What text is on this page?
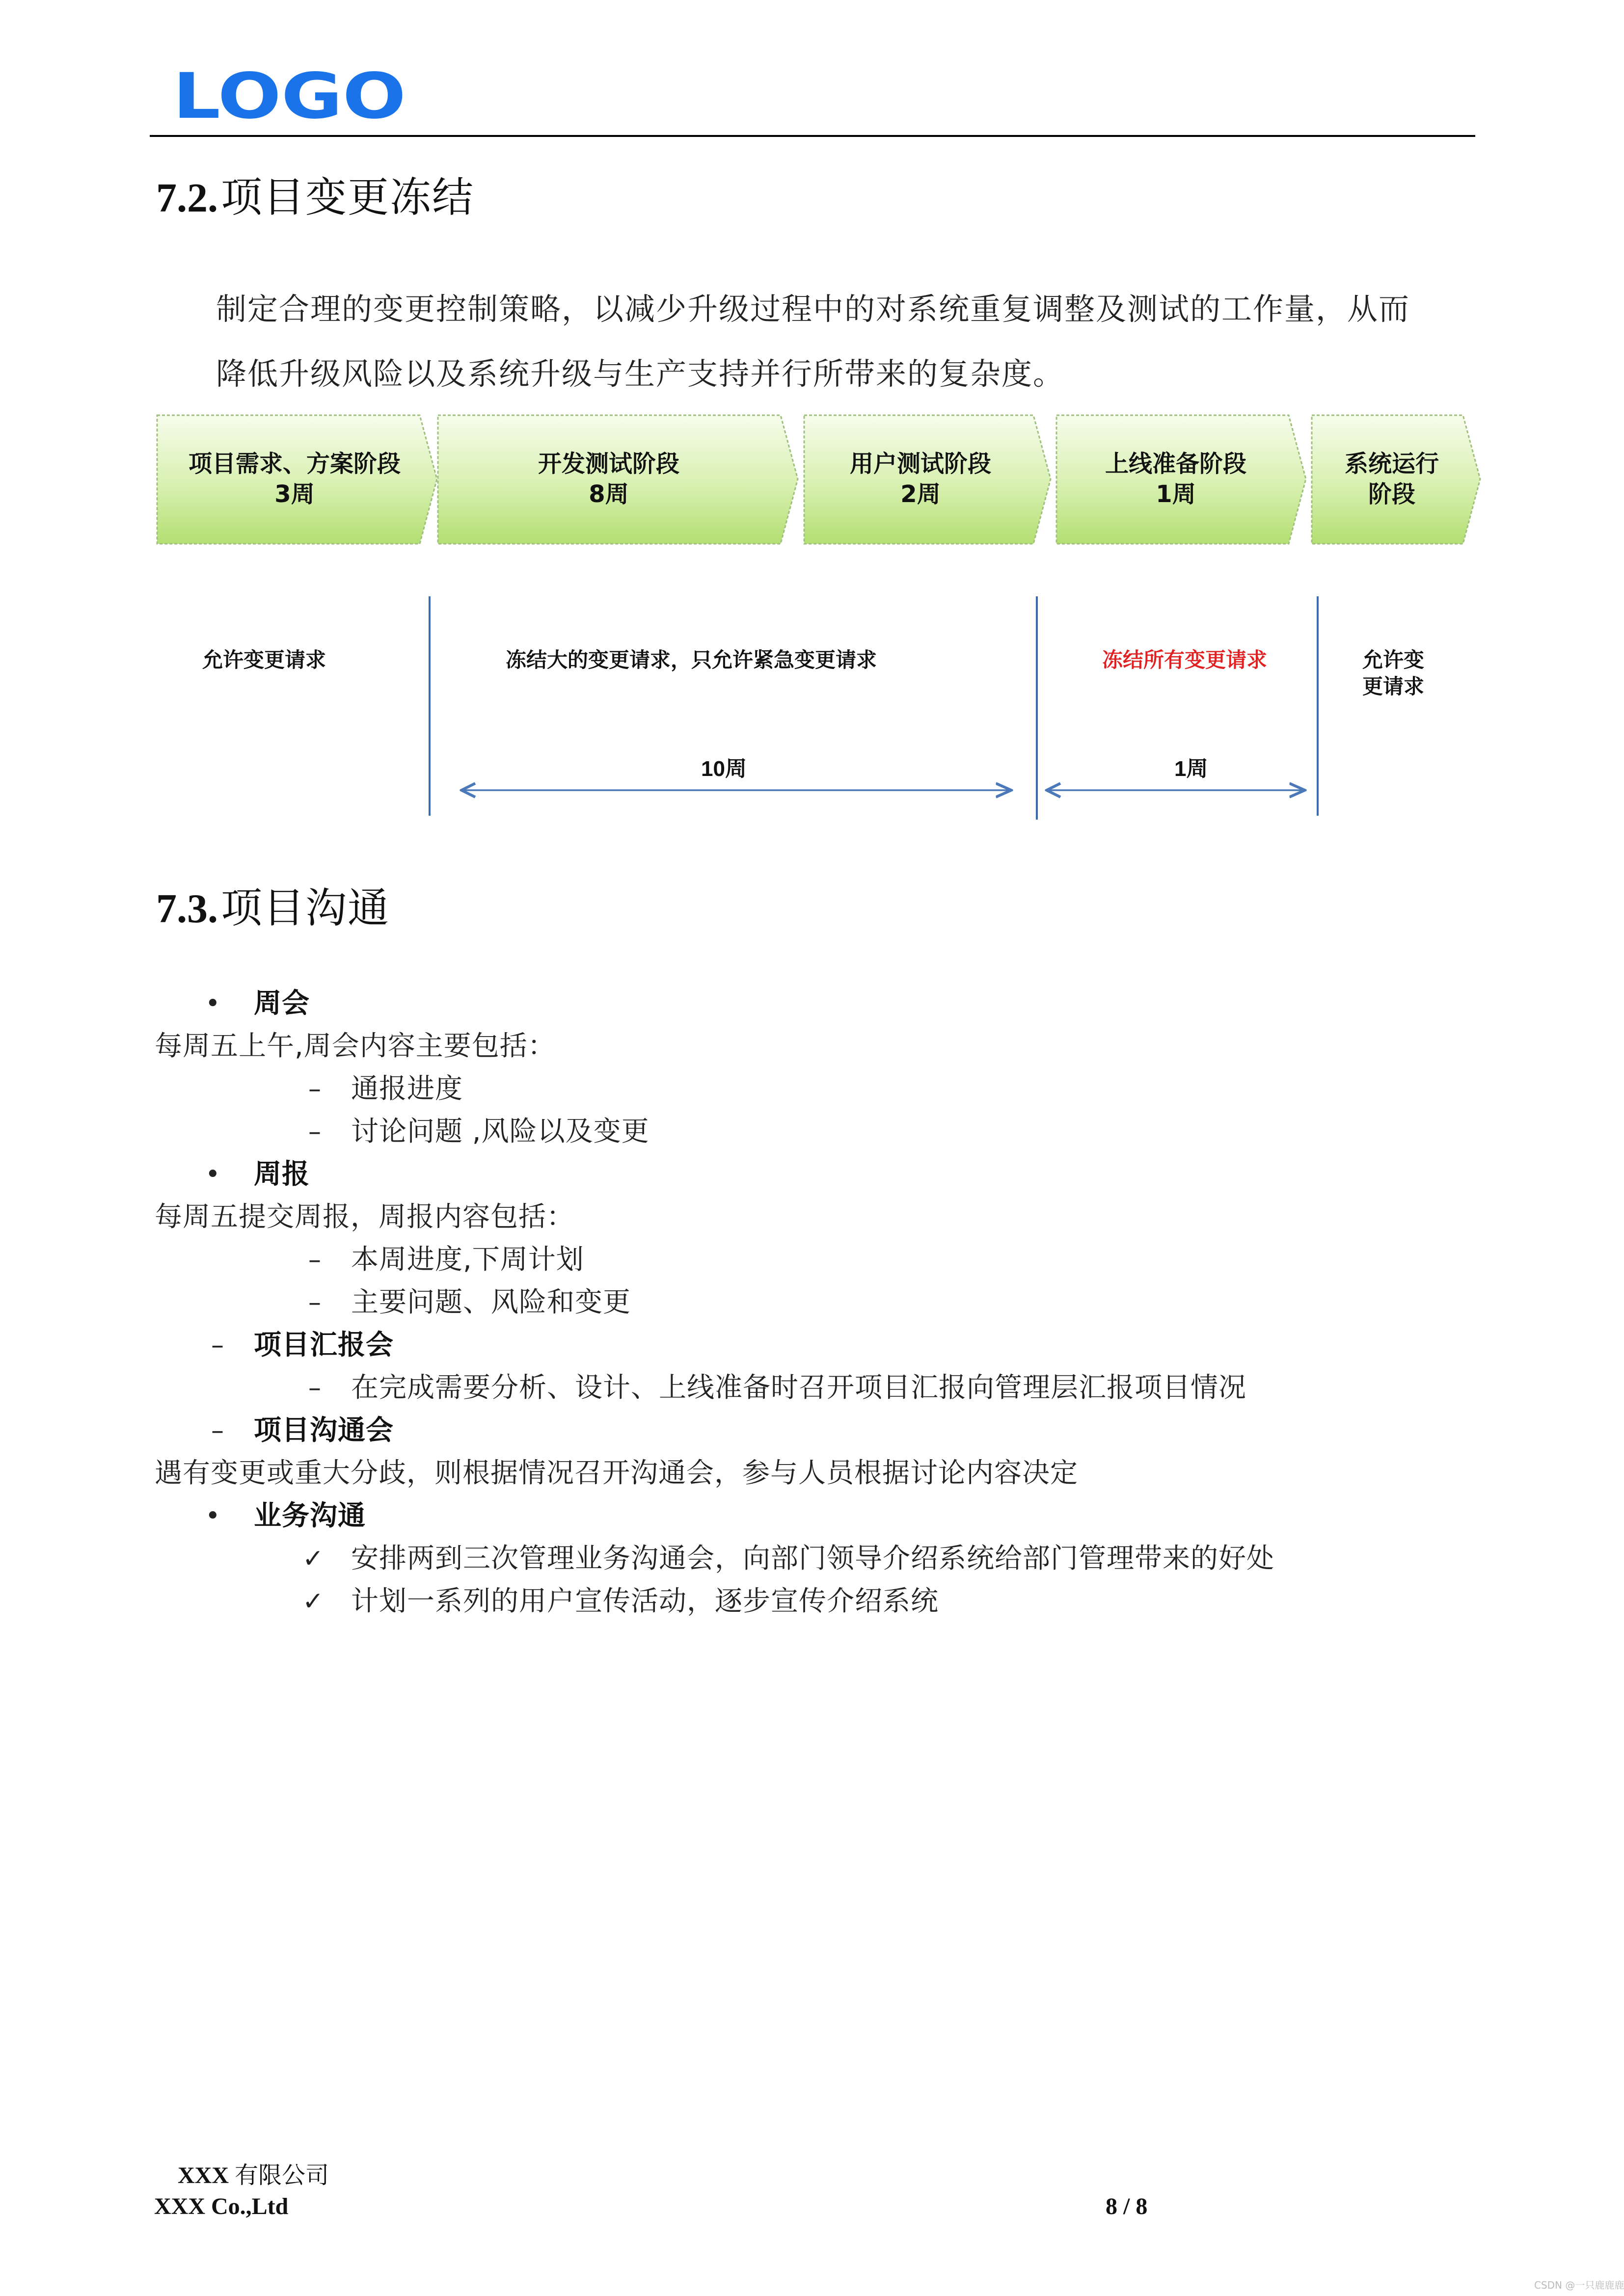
LOGO
7.2.项目变更冻结
制定合理的变更控制策略，以减少升级过程中的对系统重复调整及测试的工作量，从而
降低升级风险以及系统升级与生产支持并行所带来的复杂度。
项目需求、方案阶段
3周
开发测试阶段
8周
用户测试阶段
2周
上线准备阶段
1周
系统运行
阶段
允许变更请求	冻结大的变更请求，只允许紧急变更请求	冻结所有变更请求	允许变
更请求
10周	1周
7.3.项目沟通
• 周会
每周五上午,周会内容主要包括：
– 通报进度
– 讨论问题 ,风险以及变更
• 周报
每周五提交周报，周报内容包括：
– 本周进度,下周计划
– 主要问题、风险和变更
– 项目汇报会
– 在完成需要分析、设计、上线准备时召开项目汇报向管理层汇报项目情况
– 项目沟通会
遇有变更或重大分歧，则根据情况召开沟通会，参与人员根据讨论内容决定
• 业务沟通
✓ 安排两到三次管理业务沟通会，向部门领导介绍系统给部门管理带来的好处
✓ 计划一系列的用户宣传活动，逐步宣传介绍系统
XXX 有限公司
XXX Co.,Ltd	8 / 8
CSDN @一只鹿鹿鹿
